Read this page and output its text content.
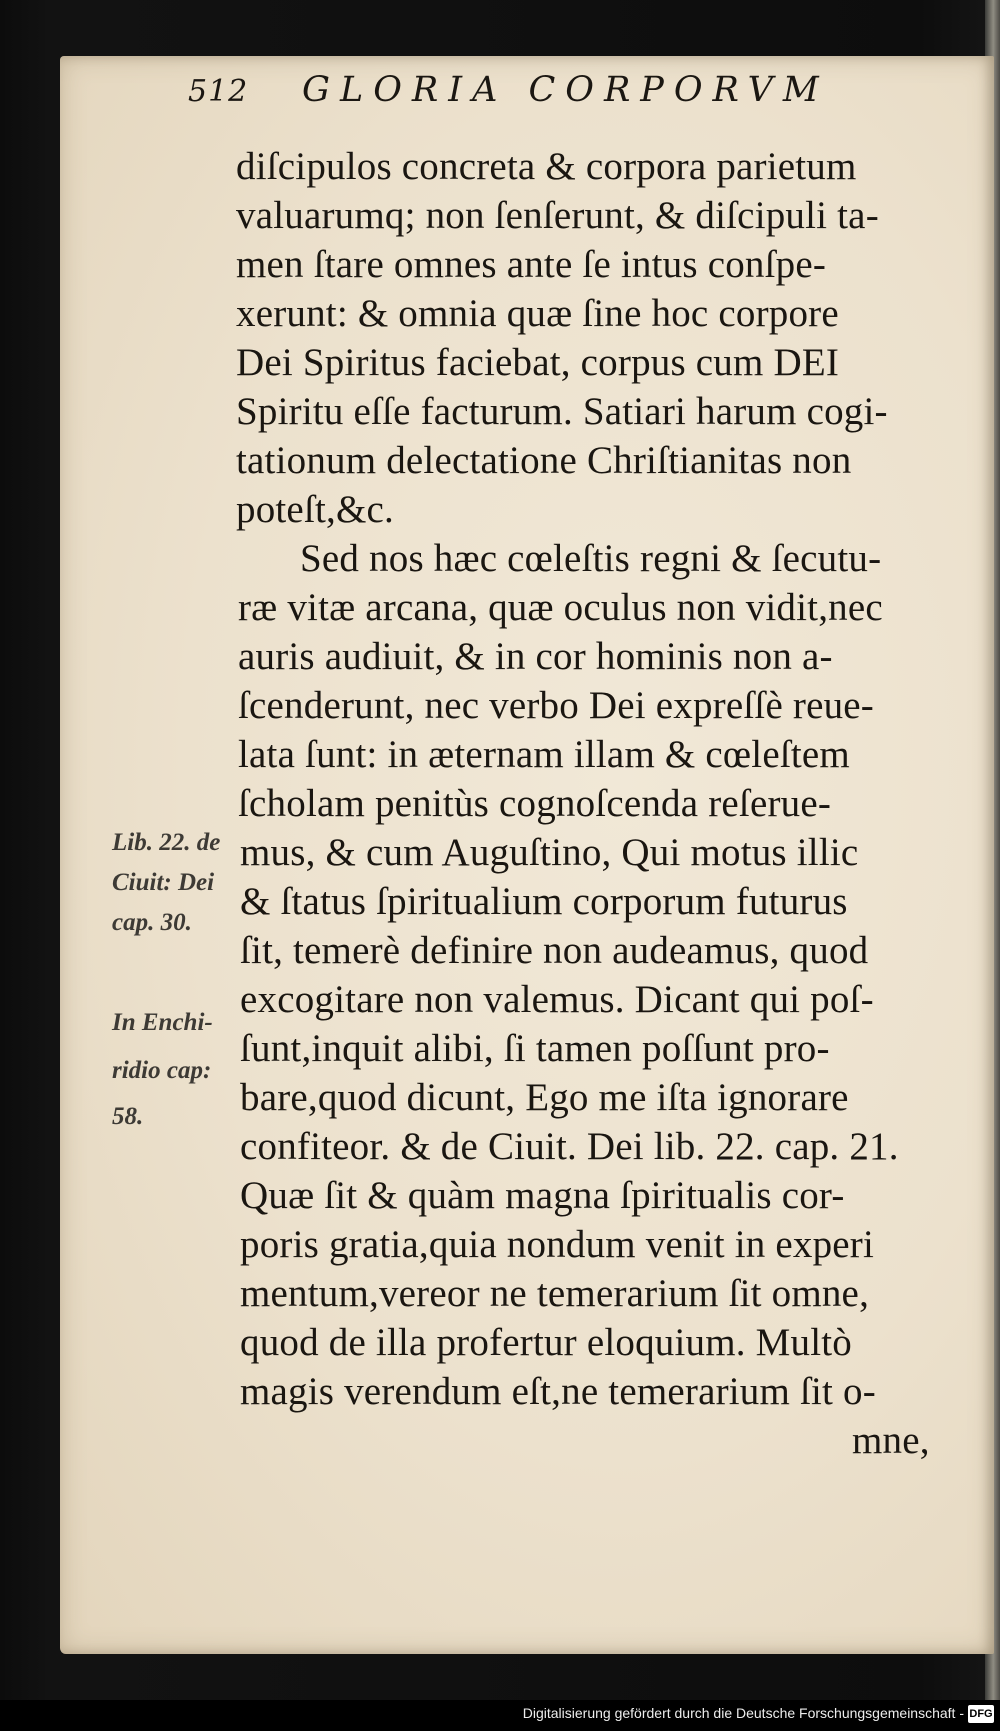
512 GLORIA CORPORVM
diſcipulos concreta & corpora parietum
valuarumq; non ſenſerunt, & diſcipuli ta-
men ſtare omnes ante ſe intus conſpe-
xerunt: & omnia quæ ſine hoc corpore
Dei Spiritus faciebat, corpus cum DEI
Spiritu eſſe facturum. Satiari harum cogi-
tationum delectatione Chriſtianitas non
poteſt,&c.
Sed nos hæc cœleſtis regni & ſecutu-
ræ vitæ arcana, quæ oculus non vidit,nec
auris audiuit, & in cor hominis non a-
ſcenderunt, nec verbo Dei expreſſè reue-
lata ſunt: in æternam illam & cœleſtem
ſcholam penitùs cognoſcenda reſerue-
mus, & cum Auguſtino, Qui motus illic
& ſtatus ſpiritualium corporum futurus
ſit, temerè definire non audeamus, quod
excogitare non valemus. Dicant qui poſ-
ſunt,inquit alibi, ſi tamen poſſunt pro-
bare,quod dicunt, Ego me iſta ignorare
confiteor. & de Ciuit. Dei lib. 22. cap. 21.
Quæ ſit & quàm magna ſpiritualis cor-
poris gratia,quia nondum venit in experi
mentum,vereor ne temerarium ſit omne,
quod de illa profertur eloquium. Multò
magis verendum eſt,ne temerarium ſit o-
mne,
Lib. 22. de
Ciuit: Dei
cap. 30.
In Enchi-
ridio cap:
58.
Digitalisierung gefördert durch die Deutsche Forschungsgemeinschaft - DFG
